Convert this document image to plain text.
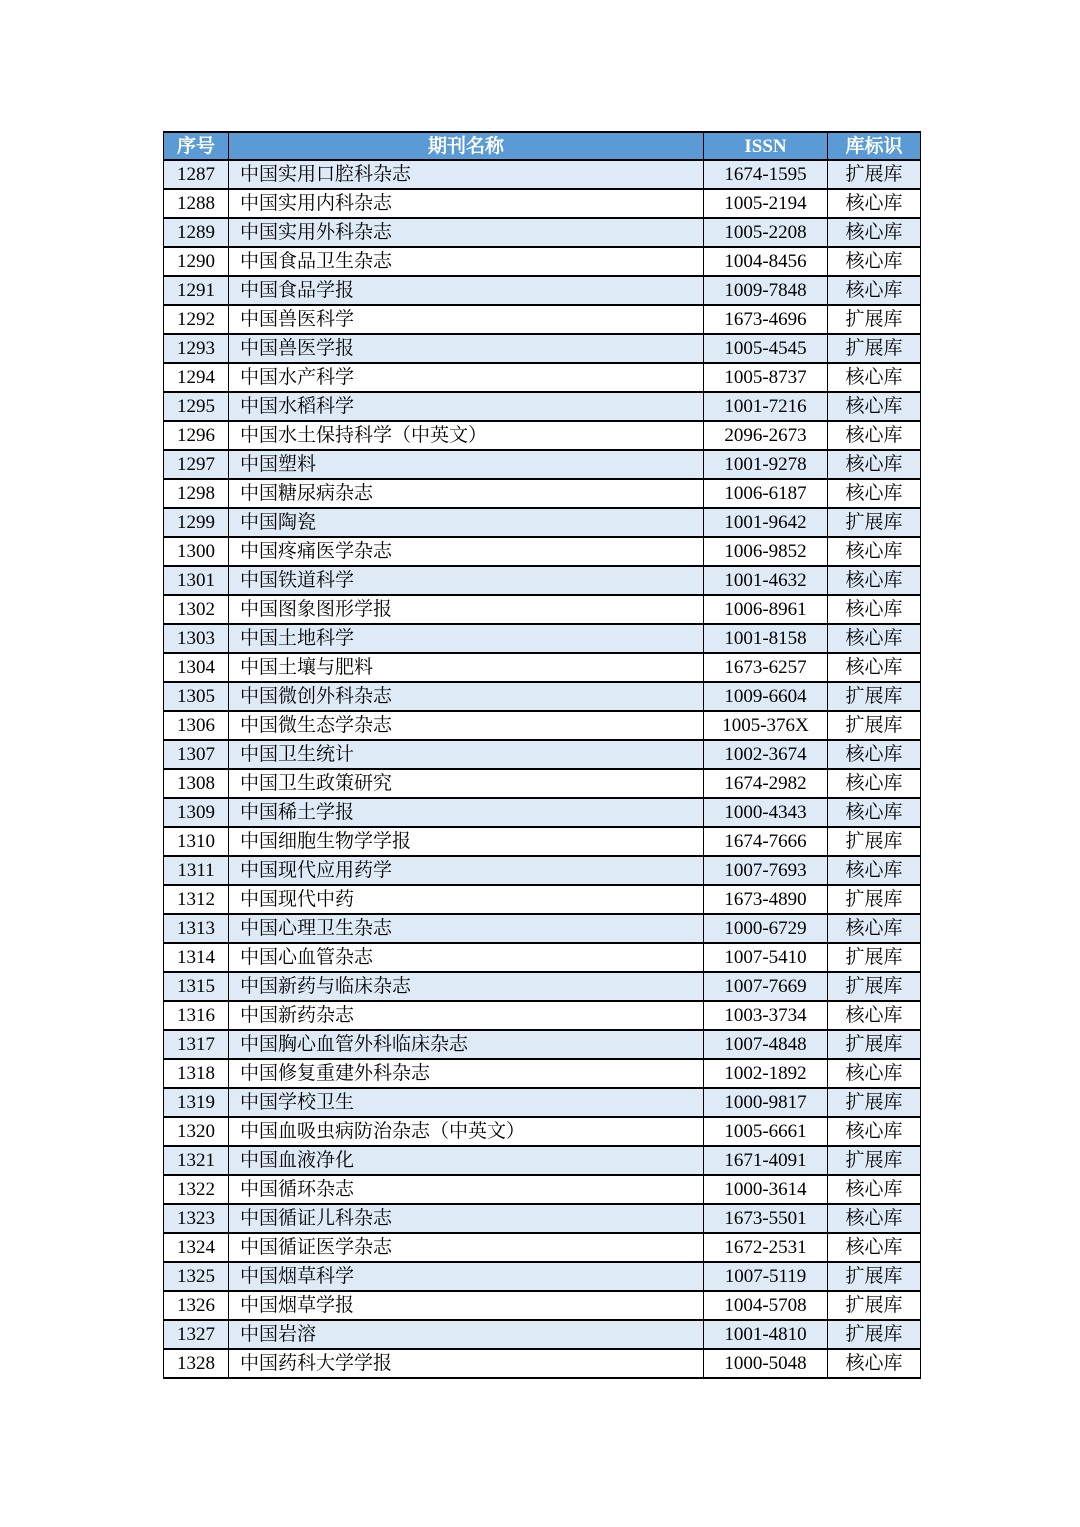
序号	期刊名称	ISSN	库标识
1287	中国实用口腔科杂志	1674-1595	扩展库
1288	中国实用内科杂志	1005-2194	核心库
1289	中国实用外科杂志	1005-2208	核心库
1290	中国食品卫生杂志	1004-8456	核心库
1291	中国食品学报	1009-7848	核心库
1292	中国兽医科学	1673-4696	扩展库
1293	中国兽医学报	1005-4545	扩展库
1294	中国水产科学	1005-8737	核心库
1295	中国水稻科学	1001-7216	核心库
1296	中国水土保持科学（中英文）	2096-2673	核心库
1297	中国塑料	1001-9278	核心库
1298	中国糖尿病杂志	1006-6187	核心库
1299	中国陶瓷	1001-9642	扩展库
1300	中国疼痛医学杂志	1006-9852	核心库
1301	中国铁道科学	1001-4632	核心库
1302	中国图象图形学报	1006-8961	核心库
1303	中国土地科学	1001-8158	核心库
1304	中国土壤与肥料	1673-6257	核心库
1305	中国微创外科杂志	1009-6604	扩展库
1306	中国微生态学杂志	1005-376X	扩展库
1307	中国卫生统计	1002-3674	核心库
1308	中国卫生政策研究	1674-2982	核心库
1309	中国稀土学报	1000-4343	核心库
1310	中国细胞生物学学报	1674-7666	扩展库
1311	中国现代应用药学	1007-7693	核心库
1312	中国现代中药	1673-4890	扩展库
1313	中国心理卫生杂志	1000-6729	核心库
1314	中国心血管杂志	1007-5410	扩展库
1315	中国新药与临床杂志	1007-7669	扩展库
1316	中国新药杂志	1003-3734	核心库
1317	中国胸心血管外科临床杂志	1007-4848	扩展库
1318	中国修复重建外科杂志	1002-1892	核心库
1319	中国学校卫生	1000-9817	扩展库
1320	中国血吸虫病防治杂志（中英文）	1005-6661	核心库
1321	中国血液净化	1671-4091	扩展库
1322	中国循环杂志	1000-3614	核心库
1323	中国循证儿科杂志	1673-5501	核心库
1324	中国循证医学杂志	1672-2531	核心库
1325	中国烟草科学	1007-5119	扩展库
1326	中国烟草学报	1004-5708	扩展库
1327	中国岩溶	1001-4810	扩展库
1328	中国药科大学学报	1000-5048	核心库
